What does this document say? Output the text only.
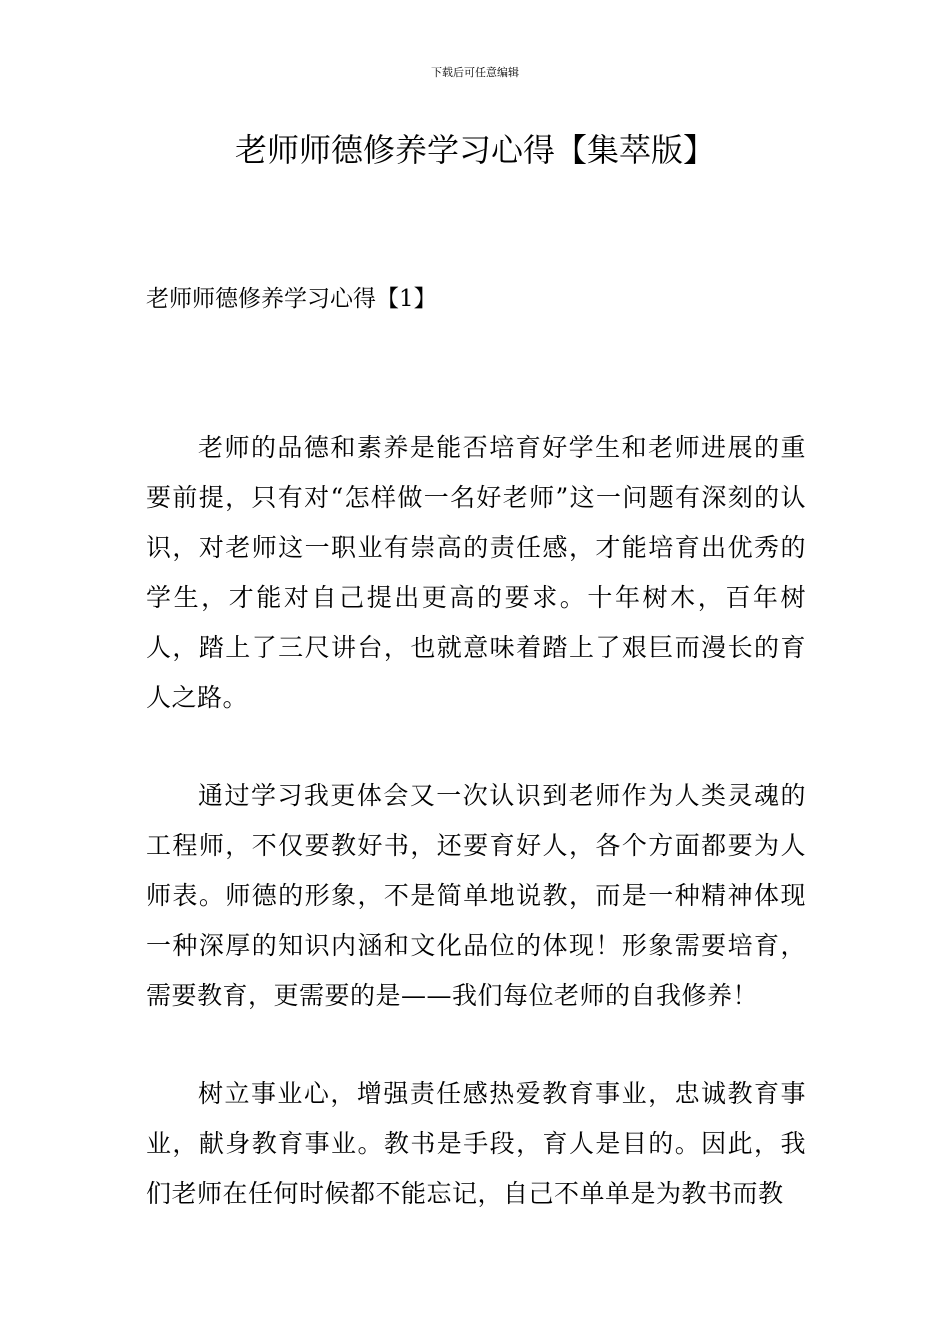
下载后可任意编辑
老师师德修养学习心得【集萃版】
老师师德修养学习心得【1】

老师的品德和素养是能否培育好学生和老师进展的重要前提，只有对“怎样做一名好老师”这一问题有深刻的认识，对老师这一职业有崇高的责任感，才能培育出优秀的学生，才能对自己提出更高的要求。十年树木，百年树人，踏上了三尺讲台，也就意味着踏上了艰巨而漫长的育人之路。

通过学习我更体会又一次认识到老师作为人类灵魂的工程师，不仅要教好书，还要育好人，各个方面都要为人师表。师德的形象，不是简单地说教，而是一种精神体现一种深厚的知识内涵和文化品位的体现！形象需要培育，需要教育，更需要的是——我们每位老师的自我修养！

树立事业心，增强责任感热爱教育事业，忠诚教育事业，献身教育事业。教书是手段，育人是目的。因此，我们老师在任何时候都不能忘记，自己不单单是为教书而教
